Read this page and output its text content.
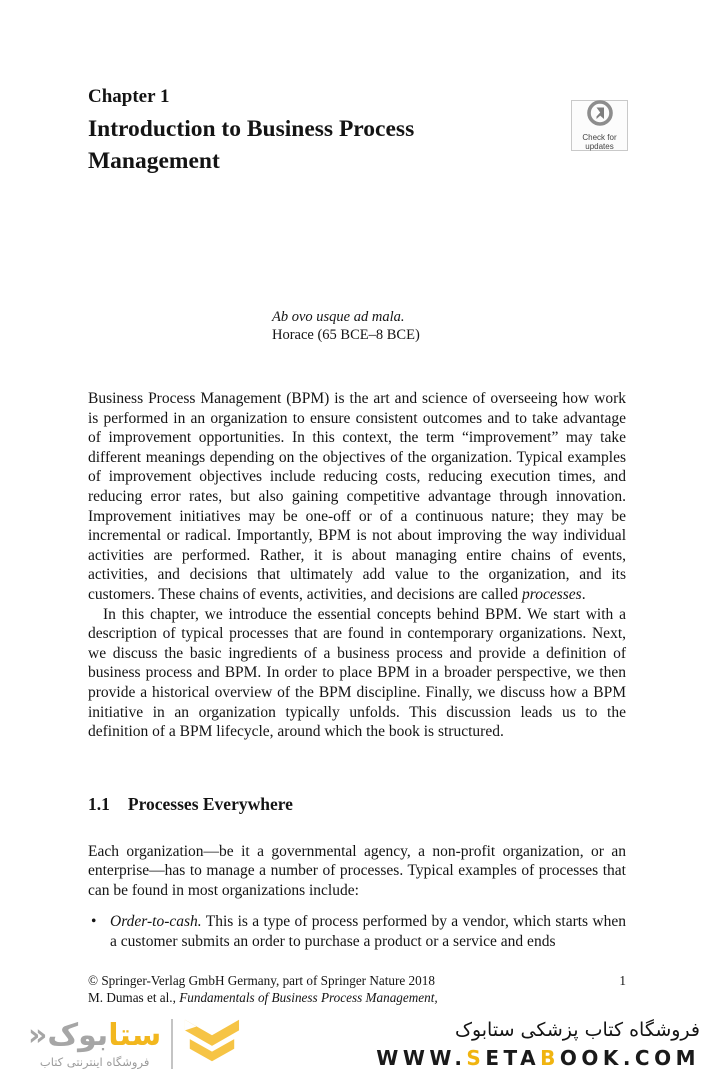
Check for
updates
Chapter 1
Introduction to Business Process
Management
Ab ovo usque ad mala.
Horace (65 BCE–8 BCE)

Business Process Management (BPM) is the art and science of overseeing how work is performed in an organization to ensure consistent outcomes and to take advantage of improvement opportunities. In this context, the term “improvement” may take different meanings depending on the objectives of the organization. Typical examples of improvement objectives include reducing costs, reducing execution times, and reducing error rates, but also gaining competitive advantage through innovation. Improvement initiatives may be one-off or of a continuous nature; they may be incremental or radical. Importantly, BPM is not about improving the way individual activities are performed. Rather, it is about managing entire chains of events, activities, and decisions that ultimately add value to the organization, and its customers. These chains of events, activities, and decisions are called processes.

In this chapter, we introduce the essential concepts behind BPM. We start with a description of typical processes that are found in contemporary organizations. Next, we discuss the basic ingredients of a business process and provide a definition of business process and BPM. In order to place BPM in a broader perspective, we then provide a historical overview of the BPM discipline. Finally, we discuss how a BPM initiative in an organization typically unfolds. This discussion leads us to the definition of a BPM lifecycle, around which the book is structured.

1.1 Processes Everywhere

Each organization—be it a governmental agency, a non-profit organization, or an enterprise—has to manage a number of processes. Typical examples of processes that can be found in most organizations include:

• Order-to-cash. This is a type of process performed by a vendor, which starts when a customer submits an order to purchase a product or a service and ends

© Springer-Verlag GmbH Germany, part of Springer Nature 2018	1
M. Dumas et al., Fundamentals of Business Process Management,
ستابوک«
فروشگاه اینترنتی کتاب
فروشگاه کتاب پزشکی ستابوک
WWW.SETABOOK.COM
